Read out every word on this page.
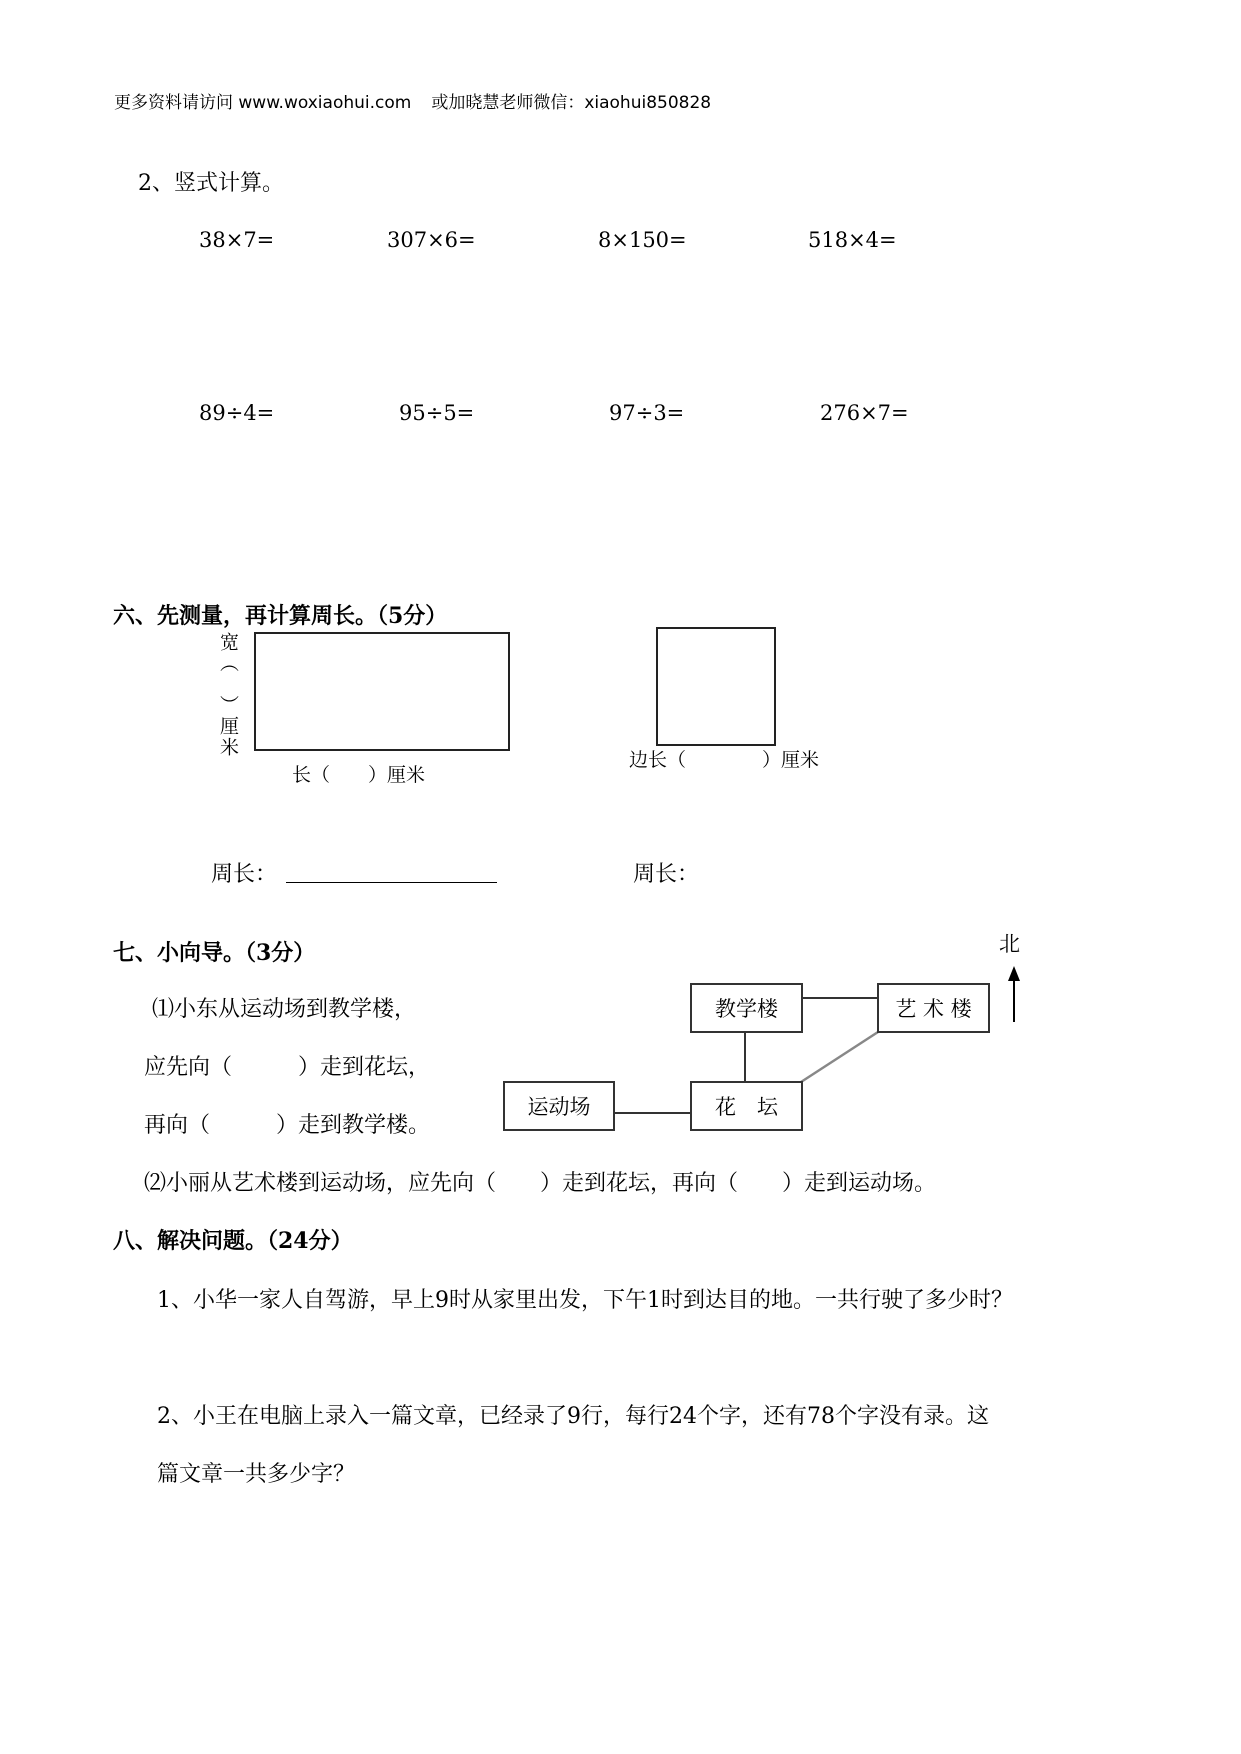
更多资料请访问 www.woxiaohui.com 或加晓慧老师微信：xiaohui850828
2、竖式计算。
38×7=	307×6=	8×150=	518×4=
89÷4=	95÷5=	97÷3=	276×7=
六、先测量，再计算周长。（5分）
宽（　）厘米
长（　　）厘米
边长（　　　　）厘米
周长：	周长：
七、小向导。（3分）
⑴小东从运动场到教学楼，
应先向（　　　）走到花坛，
再向（　　　）走到教学楼。
⑵小丽从艺术楼到运动场，应先向（　　）走到花坛，再向（　　）走到运动场。
北
教学楼	艺 术 楼
运动场	花　坛
八、解决问题。（24分）
1、小华一家人自驾游，早上9时从家里出发，下午1时到达目的地。一共行驶了多少时？
2、小王在电脑上录入一篇文章，已经录了9行，每行24个字，还有78个字没有录。这
篇文章一共多少字？
